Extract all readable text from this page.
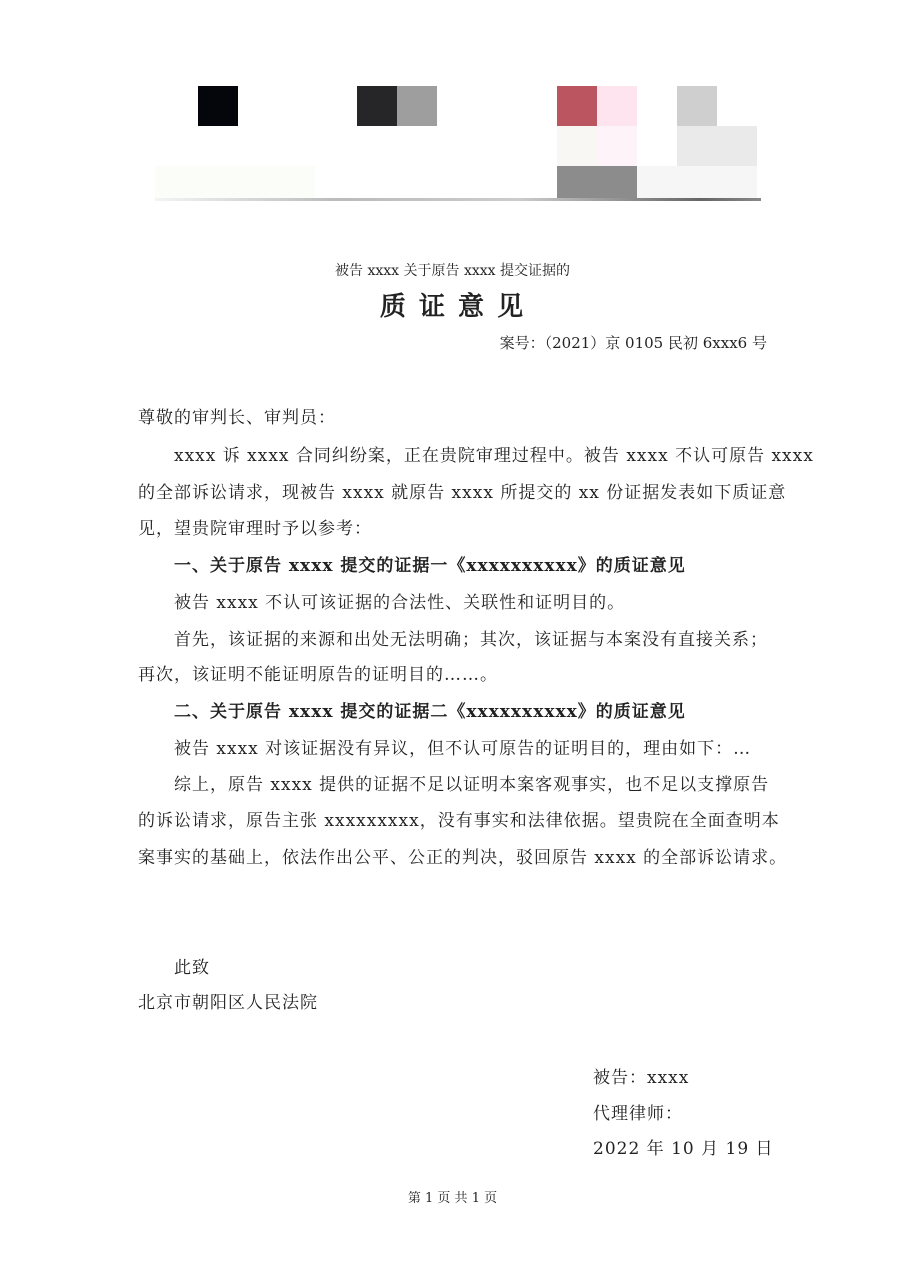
被告 xxxx 关于原告 xxxx 提交证据的
质 证 意 见
案号：（2021）京 0105 民初 6xxx6 号
尊敬的审判长、审判员：
xxxx 诉 xxxx 合同纠纷案，正在贵院审理过程中。被告 xxxx 不认可原告 xxxx
的全部诉讼请求，现被告 xxxx 就原告 xxxx 所提交的 xx 份证据发表如下质证意
见，望贵院审理时予以参考：
一、关于原告 xxxx 提交的证据一《xxxxxxxxxx》的质证意见
被告 xxxx 不认可该证据的合法性、关联性和证明目的。
首先，该证据的来源和出处无法明确；其次，该证据与本案没有直接关系；
再次，该证明不能证明原告的证明目的……。
二、关于原告 xxxx 提交的证据二《xxxxxxxxxx》的质证意见
被告 xxxx 对该证据没有异议，但不认可原告的证明目的，理由如下：…
综上，原告 xxxx 提供的证据不足以证明本案客观事实，也不足以支撑原告
的诉讼请求，原告主张 xxxxxxxxx，没有事实和法律依据。望贵院在全面查明本
案事实的基础上，依法作出公平、公正的判决，驳回原告 xxxx 的全部诉讼请求。
此致
北京市朝阳区人民法院
被告：xxxx
代理律师：
2022 年 10 月 19 日
第 1 页 共 1 页
